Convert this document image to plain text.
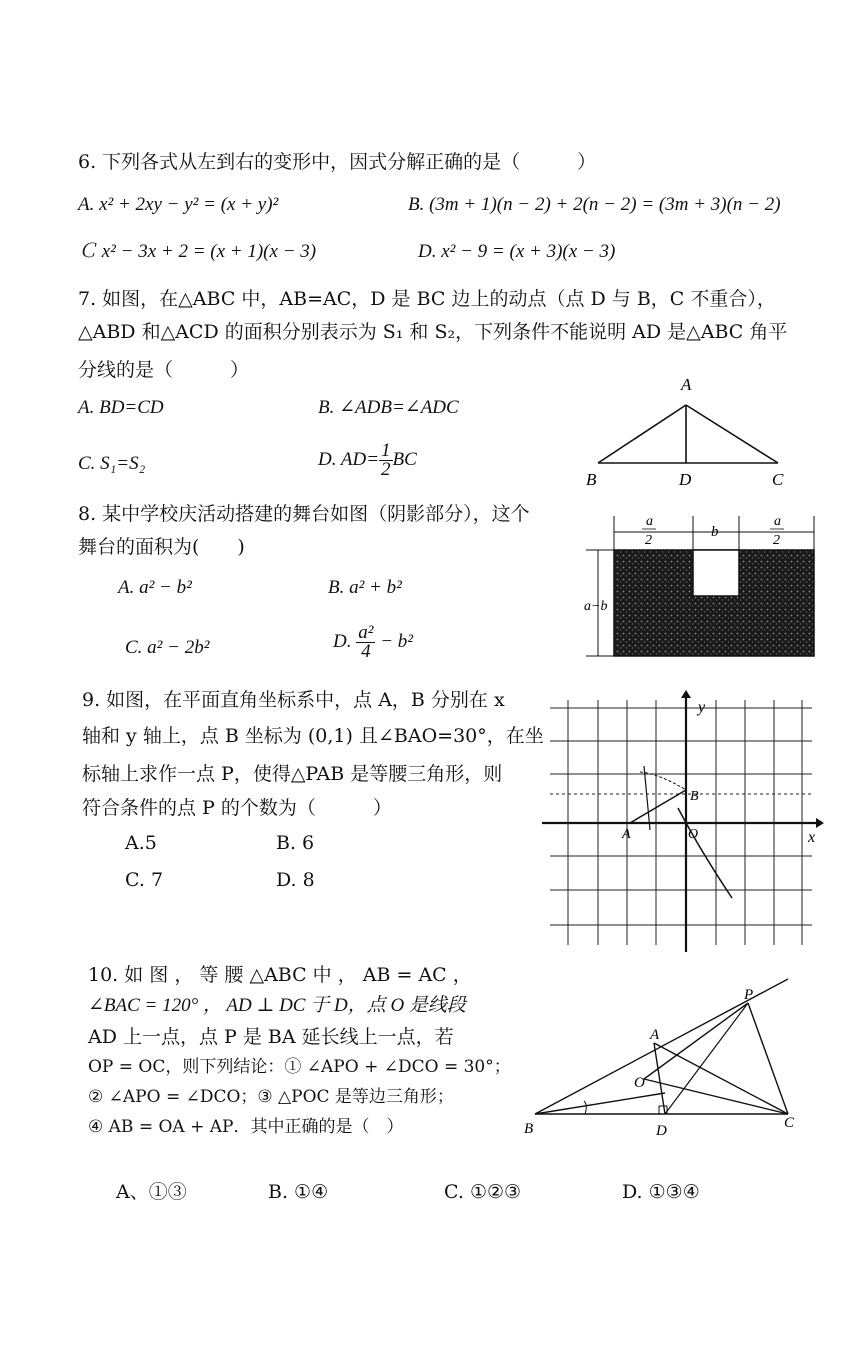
6. 下列各式从左到右的变形中，因式分解正确的是（　　　）
A. x² + 2xy − y² = (x + y)²	B. (3m + 1)(n − 2) + 2(n − 2) = (3m + 3)(n − 2)
Ｃ x² − 3x + 2 = (x + 1)(x − 3)	D. x² − 9 = (x + 3)(x − 3)
7. 如图，在△ABC 中，AB=AC，D 是 BC 边上的动点（点 D 与 B，C 不重合），
△ABD 和△ACD 的面积分别表示为 S₁ 和 S₂，下列条件不能说明 AD 是△ABC 角平
分线的是（　　　）
A. BD=CD	B. ∠ADB=∠ADC
C. S₁=S₂	D. $AD= \frac{1}{2}$ BC
A
B	D	C
8. 某中学校庆活动搭建的舞台如图（阴影部分），这个
舞台的面积为(　　)
A. a² − b²	B. a² + b²
C. a² − 2b²	D. $\frac{\text{a²}}{4} - b^2$
a
2
b
a
2
a−b
9. 如图，在平面直角坐标系中，点 A，B 分别在 x
轴和 y 轴上，点 B 坐标为 (0,1) 且∠BAO=30°，在坐
标轴上求作一点 P，使得△PAB 是等腰三角形，则
符合条件的点 P 的个数为（　　　）
A.5	B. 6
C. 7	D. 8
y
x
A
B
O
10. 如 图 ， 等 腰 △ABC 中 ， AB = AC ，
∠BAC = 120° ， AD ⊥ DC 于 D，点 O 是线段
AD 上一点，点 P 是 BA 延长线上一点，若
OP = OC，则下列结论：① ∠APO + ∠DCO = 30°；
② ∠APO = ∠DCO；③ △POC 是等边三角形；
④ AB = OA + AP．其中正确的是（　）
A
B	C
D
O
P
A、①③	B. ①④	C. ①②③	D. ①③④
